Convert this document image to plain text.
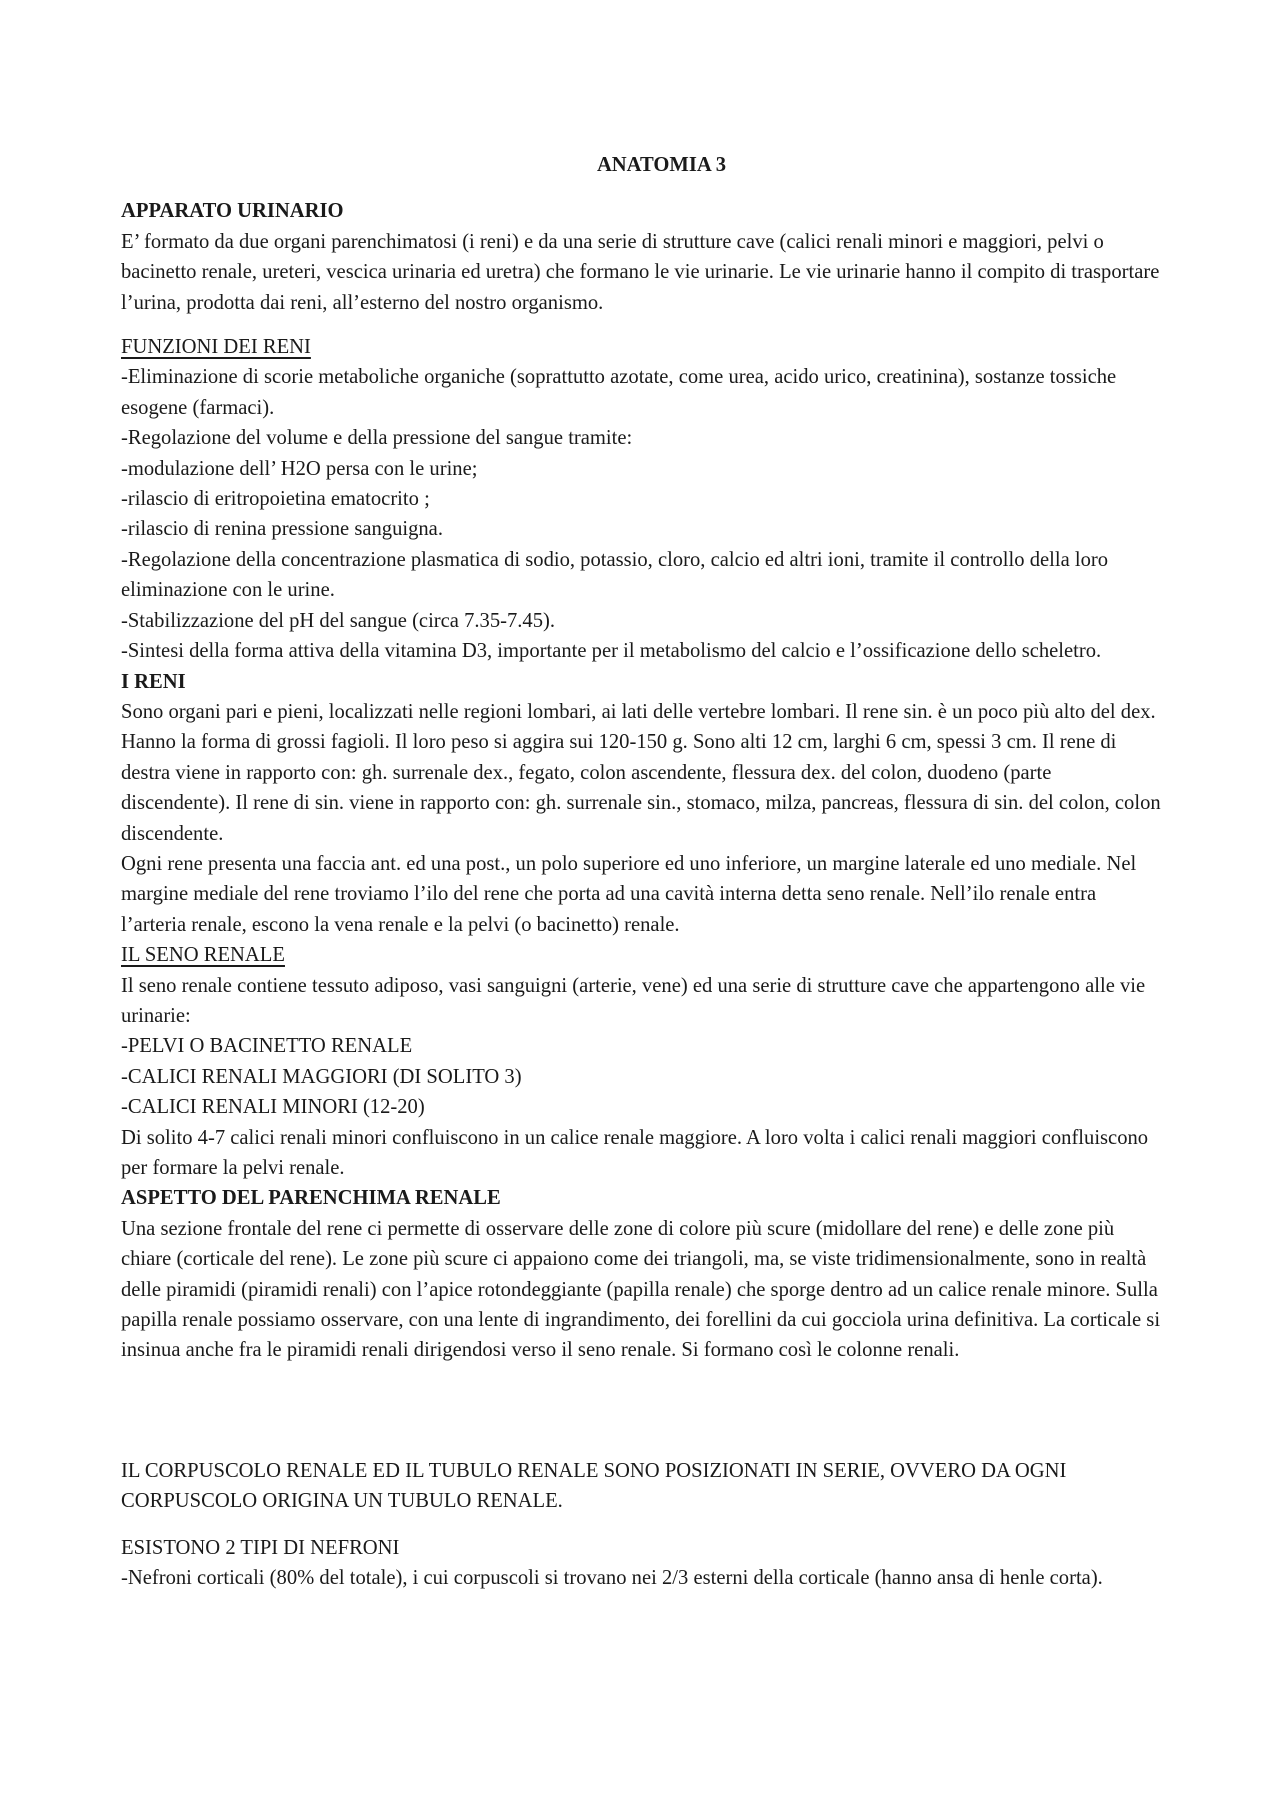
ANATOMIA 3
APPARATO URINARIO
E’ formato da due organi parenchimatosi (i reni) e da una serie di strutture cave (calici renali minori e maggiori, pelvi o bacinetto renale, ureteri, vescica urinaria ed uretra) che formano le vie urinarie. Le vie urinarie hanno il compito di trasportare l’urina, prodotta dai reni, all’esterno del nostro organismo.
FUNZIONI DEI RENI
-Eliminazione di scorie metaboliche organiche (soprattutto azotate, come urea, acido urico, creatinina), sostanze tossiche esogene (farmaci).
-Regolazione del volume e della pressione del sangue tramite:
-modulazione dell’ H2O persa con le urine;
-rilascio di eritropoietina ematocrito ;
-rilascio di renina pressione sanguigna.
-Regolazione della concentrazione plasmatica di sodio, potassio, cloro, calcio ed altri ioni, tramite il controllo della loro eliminazione con le urine.
-Stabilizzazione del pH del sangue (circa 7.35-7.45).
-Sintesi della forma attiva della vitamina D3, importante per il metabolismo del calcio e l’ossificazione dello scheletro.
I RENI
Sono organi pari e pieni, localizzati nelle regioni lombari, ai lati delle vertebre lombari. Il rene sin. è un poco più alto del dex. Hanno la forma di grossi fagioli. Il loro peso si aggira sui 120-150 g. Sono alti 12 cm, larghi 6 cm, spessi 3 cm. Il rene di destra viene in rapporto con: gh. surrenale dex., fegato, colon ascendente, flessura dex. del colon, duodeno (parte discendente). Il rene di sin. viene in rapporto con: gh. surrenale sin., stomaco, milza, pancreas, flessura di sin. del colon, colon discendente.
Ogni rene presenta una faccia ant. ed una post., un polo superiore ed uno inferiore, un margine laterale ed uno mediale. Nel margine mediale del rene troviamo l’ilo del rene che porta ad una cavità interna detta seno renale. Nell’ilo renale entra l’arteria renale, escono la vena renale e la pelvi (o bacinetto) renale.
IL SENO RENALE
Il seno renale contiene tessuto adiposo, vasi sanguigni (arterie, vene) ed una serie di strutture cave che appartengono alle vie urinarie:
-PELVI O BACINETTO RENALE
-CALICI RENALI MAGGIORI (DI SOLITO 3)
-CALICI RENALI MINORI (12-20)
Di solito 4-7 calici renali minori confluiscono in un calice renale maggiore. A loro volta i calici renali maggiori confluiscono per formare la pelvi renale.
ASPETTO DEL PARENCHIMA RENALE
Una sezione frontale del rene ci permette di osservare delle zone di colore più scure (midollare del rene) e delle zone più chiare (corticale del rene). Le zone più scure ci appaiono come dei triangoli, ma, se viste tridimensionalmente, sono in realtà delle piramidi (piramidi renali) con l’apice rotondeggiante (papilla renale) che sporge dentro ad un calice renale minore. Sulla papilla renale possiamo osservare, con una lente di ingrandimento, dei forellini da cui gocciola urina definitiva. La corticale si insinua anche fra le piramidi renali dirigendosi verso il seno renale. Si formano così le colonne renali.
IL CORPUSCOLO RENALE ED IL TUBULO RENALE SONO POSIZIONATI IN SERIE, OVVERO DA OGNI CORPUSCOLO ORIGINA UN TUBULO RENALE.
ESISTONO 2 TIPI DI NEFRONI
-Nefroni corticali (80% del totale), i cui corpuscoli si trovano nei 2/3 esterni della corticale (hanno ansa di henle corta).
